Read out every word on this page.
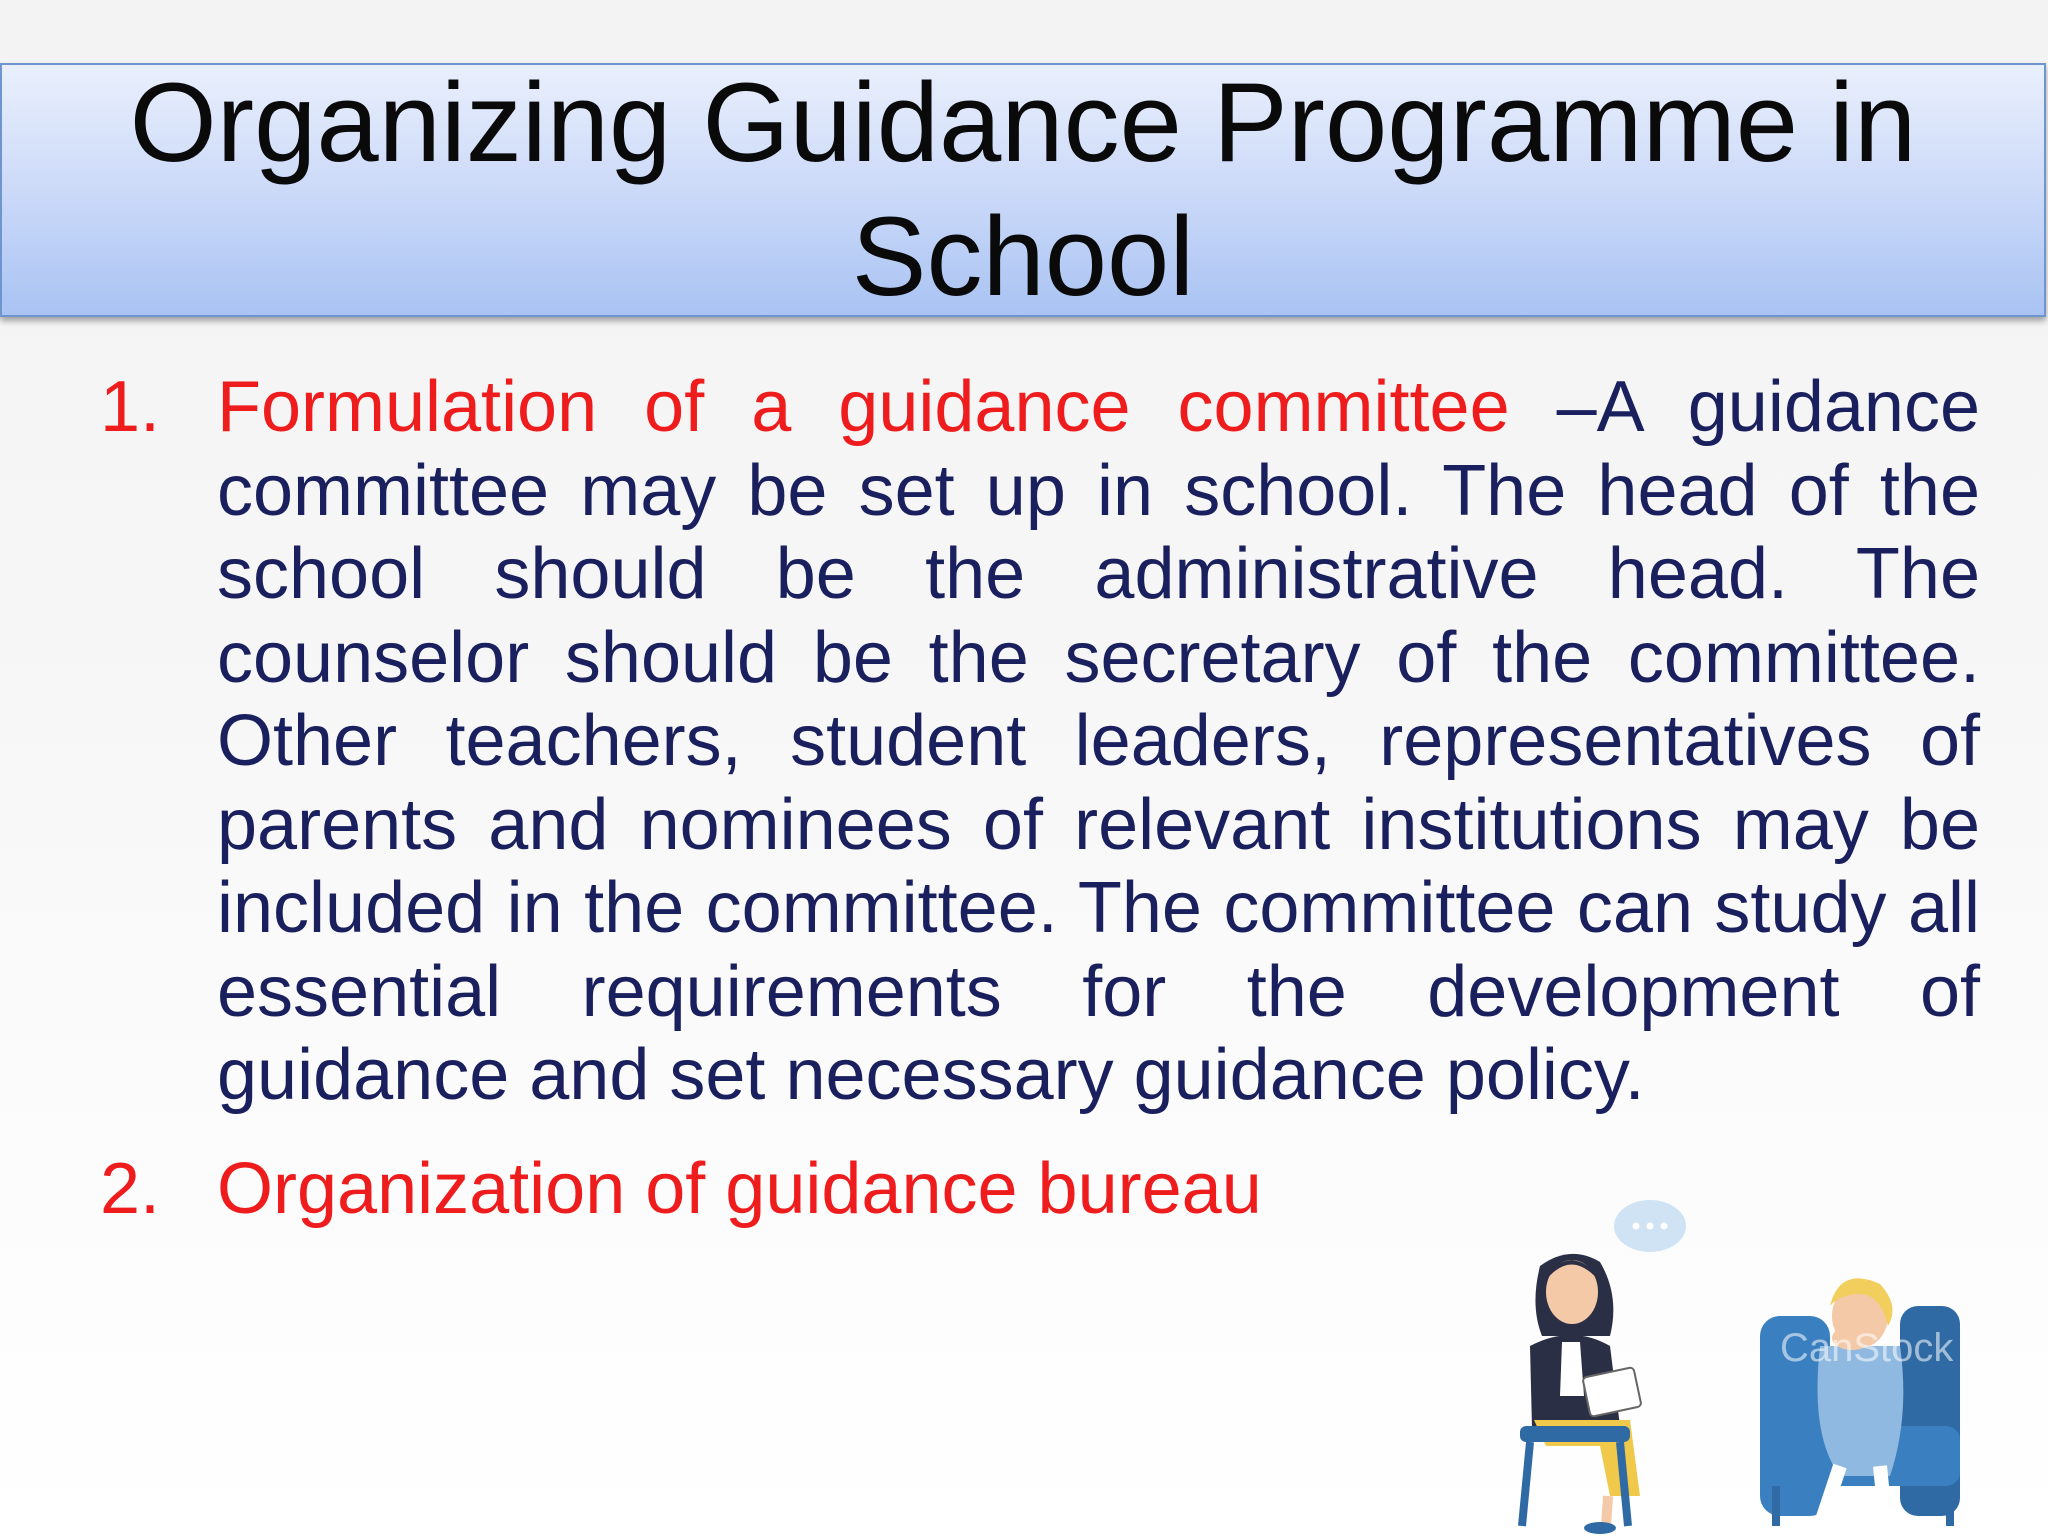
Organizing Guidance Programme in School
1. Formulation of a guidance committee –A guidance committee may be set up in school. The head of the school should be the administrative head. The counselor should be the secretary of the committee. Other teachers, student leaders, representatives of parents and nominees of relevant institutions may be included in the committee. The committee can study all essential requirements for the development of guidance and set necessary guidance policy.
2. Organization of guidance bureau
CanStock
